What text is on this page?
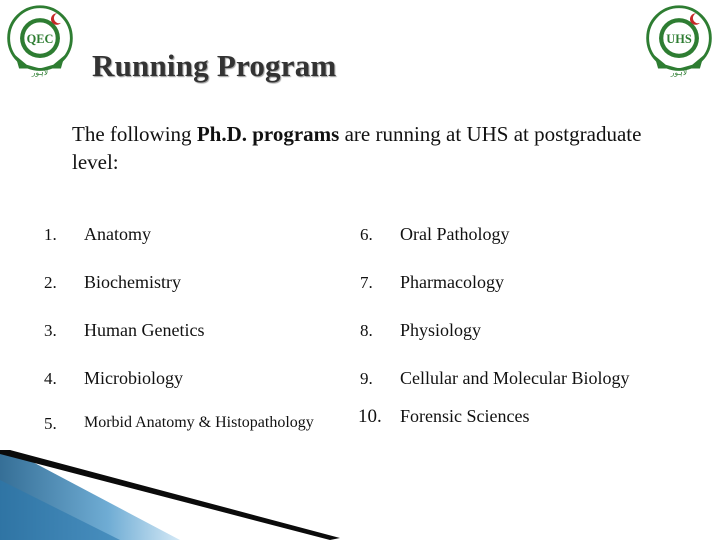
QEC
لاہور
UHS
لاہور
Running Program

The following Ph.D. programs are running at UHS at postgraduate level:

1. Anatomy
2. Biochemistry
3. Human Genetics
4. Microbiology
5. Morbid Anatomy & Histopathology
6. Oral Pathology
7. Pharmacology
8. Physiology
9. Cellular and Molecular Biology
10. Forensic Sciences
